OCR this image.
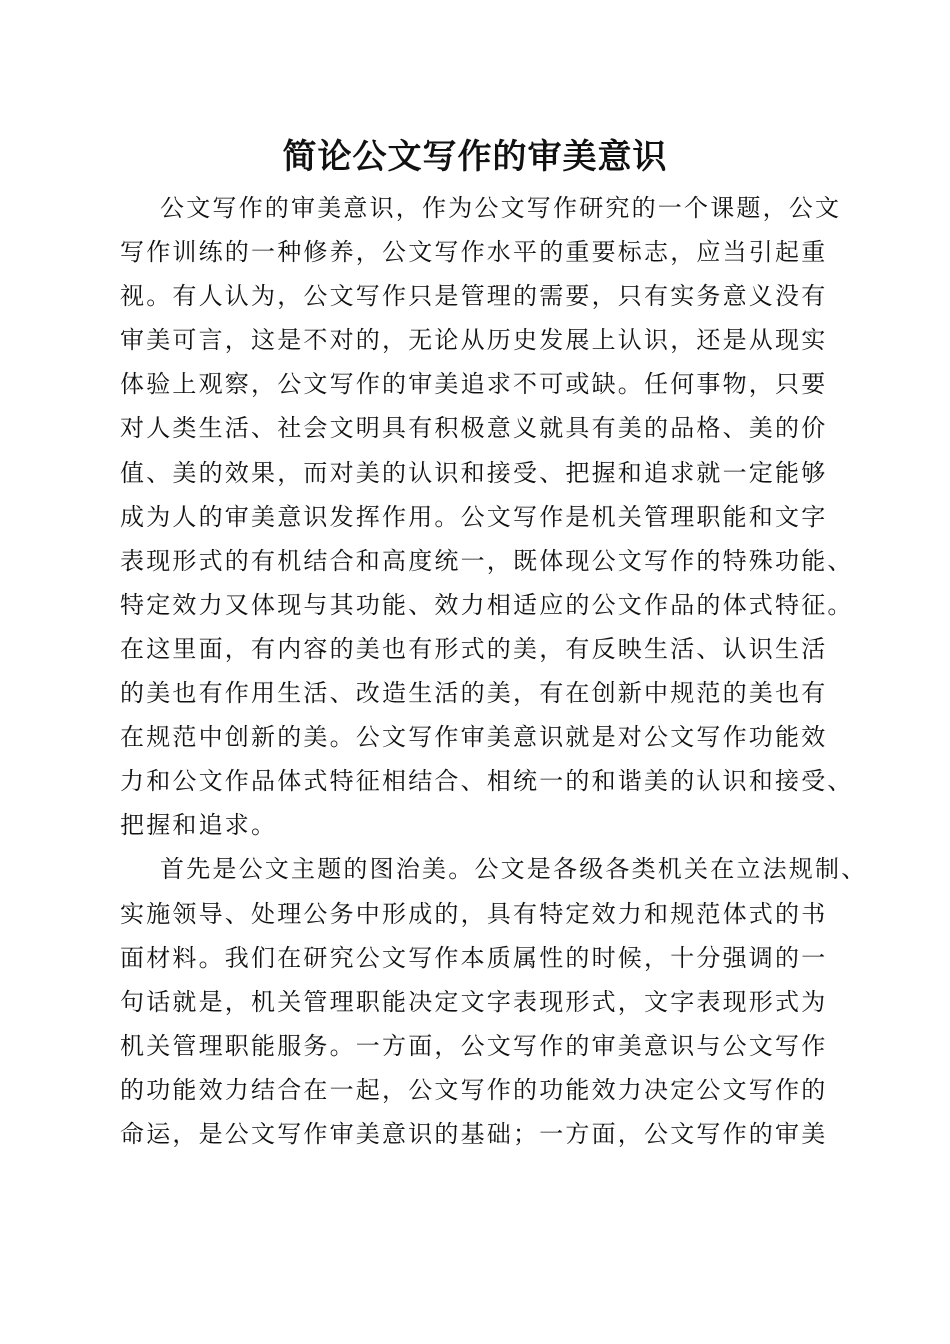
简论公文写作的审美意识
公文写作的审美意识，作为公文写作研究的一个课题，公文
写作训练的一种修养，公文写作水平的重要标志，应当引起重
视。有人认为，公文写作只是管理的需要，只有实务意义没有
审美可言，这是不对的，无论从历史发展上认识，还是从现实
体验上观察，公文写作的审美追求不可或缺。任何事物，只要
对人类生活、社会文明具有积极意义就具有美的品格、美的价
值、美的效果，而对美的认识和接受、把握和追求就一定能够
成为人的审美意识发挥作用。公文写作是机关管理职能和文字
表现形式的有机结合和高度统一，既体现公文写作的特殊功能、
特定效力又体现与其功能、效力相适应的公文作品的体式特征。
在这里面，有内容的美也有形式的美，有反映生活、认识生活
的美也有作用生活、改造生活的美，有在创新中规范的美也有
在规范中创新的美。公文写作审美意识就是对公文写作功能效
力和公文作品体式特征相结合、相统一的和谐美的认识和接受、
把握和追求。
首先是公文主题的图治美。公文是各级各类机关在立法规制、
实施领导、处理公务中形成的，具有特定效力和规范体式的书
面材料。我们在研究公文写作本质属性的时候，十分强调的一
句话就是，机关管理职能决定文字表现形式，文字表现形式为
机关管理职能服务。一方面，公文写作的审美意识与公文写作
的功能效力结合在一起，公文写作的功能效力决定公文写作的
命运，是公文写作审美意识的基础；一方面，公文写作的审美
